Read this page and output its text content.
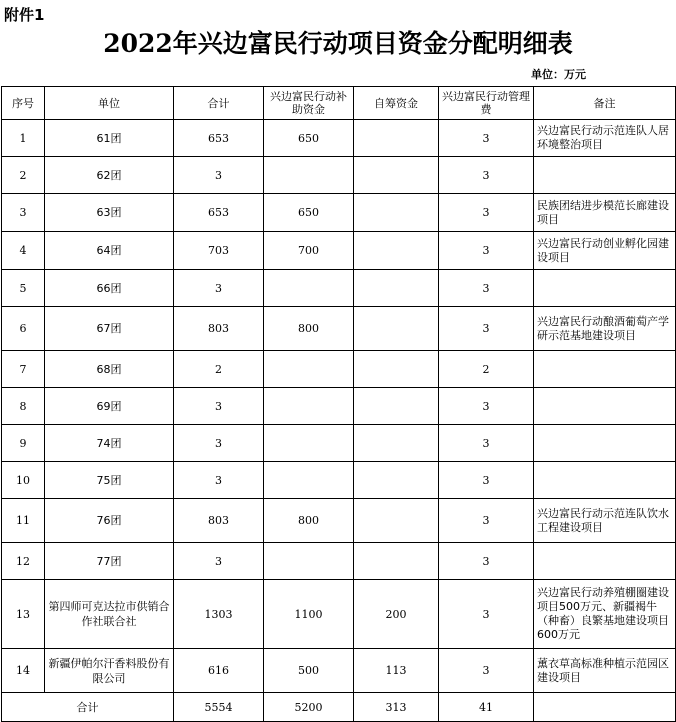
附件1
2022年兴边富民行动项目资金分配明细表
单位：万元
序号	单位	合计	兴边富民行动补助资金	自筹资金	兴边富民行动管理费	备注
1	61团	653	650		3	兴边富民行动示范连队人居环境整治项目
2	62团	3			3	
3	63团	653	650		3	民族团结进步模范长廊建设项目
4	64团	703	700		3	兴边富民行动创业孵化园建设项目
5	66团	3			3	
6	67团	803	800		3	兴边富民行动酿酒葡萄产学研示范基地建设项目
7	68团	2			2	
8	69团	3			3	
9	74团	3			3	
10	75团	3			3	
11	76团	803	800		3	兴边富民行动示范连队饮水工程建设项目
12	77团	3			3	
13	第四师可克达拉市供销合作社联合社	1303	1100	200	3	兴边富民行动养殖棚圈建设项目500万元、新疆褐牛（种畜）良繁基地建设项目600万元
14	新疆伊帕尔汗香料股份有限公司	616	500	113	3	薰衣草高标准种植示范园区建设项目
合计		5554	5200	313	41	
